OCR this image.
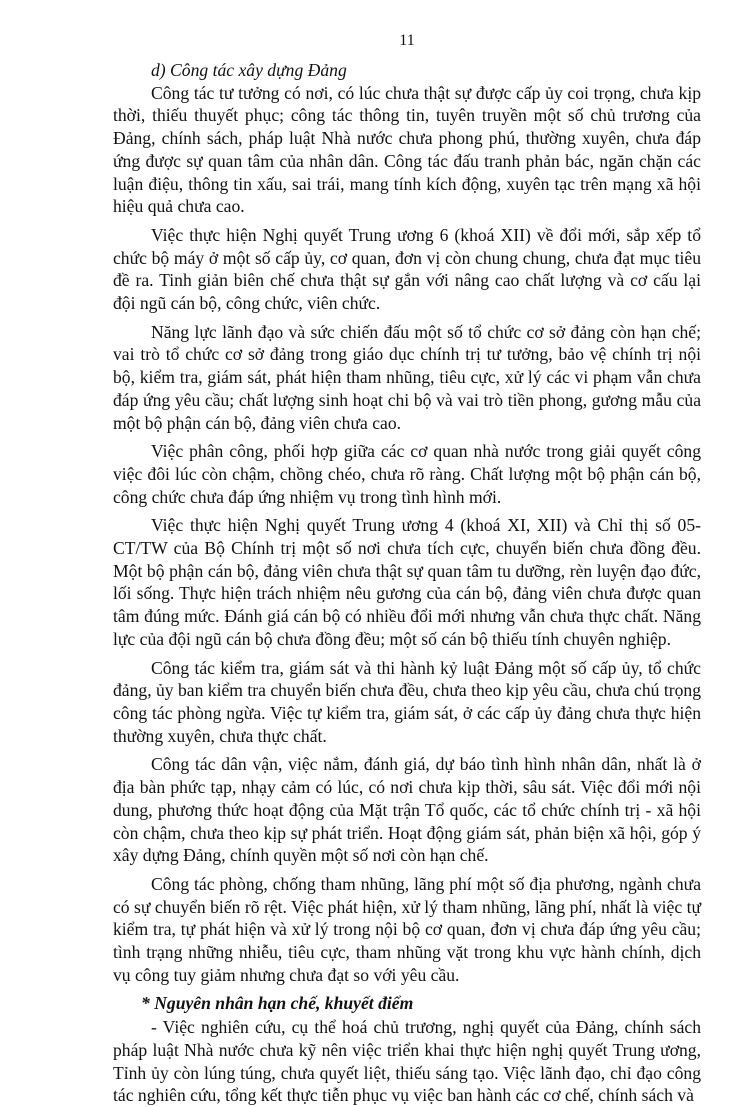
11
d) Công tác xây dựng Đảng

Công tác tư tưởng có nơi, có lúc chưa thật sự được cấp ủy coi trọng, chưa kịp thời, thiếu thuyết phục; công tác thông tin, tuyên truyền một số chủ trương của Đảng, chính sách, pháp luật Nhà nước chưa phong phú, thường xuyên, chưa đáp ứng được sự quan tâm của nhân dân. Công tác đấu tranh phản bác, ngăn chặn các luận điệu, thông tin xấu, sai trái, mang tính kích động, xuyên tạc trên mạng xã hội hiệu quả chưa cao.

Việc thực hiện Nghị quyết Trung ương 6 (khoá XII) về đổi mới, sắp xếp tổ chức bộ máy ở một số cấp ủy, cơ quan, đơn vị còn chung chung, chưa đạt mục tiêu đề ra. Tinh giản biên chế chưa thật sự gắn với nâng cao chất lượng và cơ cấu lại đội ngũ cán bộ, công chức, viên chức.

Năng lực lãnh đạo và sức chiến đấu một số tổ chức cơ sở đảng còn hạn chế; vai trò tổ chức cơ sở đảng trong giáo dục chính trị tư tưởng, bảo vệ chính trị nội bộ, kiểm tra, giám sát, phát hiện tham nhũng, tiêu cực, xử lý các vi phạm vẫn chưa đáp ứng yêu cầu; chất lượng sinh hoạt chi bộ và vai trò tiền phong, gương mẫu của một bộ phận cán bộ, đảng viên chưa cao.

Việc phân công, phối hợp giữa các cơ quan nhà nước trong giải quyết công việc đôi lúc còn chậm, chồng chéo, chưa rõ ràng. Chất lượng một bộ phận cán bộ, công chức chưa đáp ứng nhiệm vụ trong tình hình mới.

Việc thực hiện Nghị quyết Trung ương 4 (khoá XI, XII) và Chỉ thị số 05-CT/TW của Bộ Chính trị một số nơi chưa tích cực, chuyển biến chưa đồng đều. Một bộ phận cán bộ, đảng viên chưa thật sự quan tâm tu dưỡng, rèn luyện đạo đức, lối sống. Thực hiện trách nhiệm nêu gương của cán bộ, đảng viên chưa được quan tâm đúng mức. Đánh giá cán bộ có nhiều đổi mới nhưng vẫn chưa thực chất. Năng lực của đội ngũ cán bộ chưa đồng đều; một số cán bộ thiếu tính chuyên nghiệp.

Công tác kiểm tra, giám sát và thi hành kỷ luật Đảng một số cấp ủy, tổ chức đảng, ủy ban kiểm tra chuyển biến chưa đều, chưa theo kịp yêu cầu, chưa chú trọng công tác phòng ngừa. Việc tự kiểm tra, giám sát, ở các cấp ủy đảng chưa thực hiện thường xuyên, chưa thực chất.

Công tác dân vận, việc nắm, đánh giá, dự báo tình hình nhân dân, nhất là ở địa bàn phức tạp, nhạy cảm có lúc, có nơi chưa kịp thời, sâu sát. Việc đổi mới nội dung, phương thức hoạt động của Mặt trận Tổ quốc, các tổ chức chính trị - xã hội còn chậm, chưa theo kịp sự phát triển. Hoạt động giám sát, phản biện xã hội, góp ý xây dựng Đảng, chính quyền một số nơi còn hạn chế.

Công tác phòng, chống tham nhũng, lãng phí một số địa phương, ngành chưa có sự chuyển biến rõ rệt. Việc phát hiện, xử lý tham nhũng, lãng phí, nhất là việc tự kiểm tra, tự phát hiện và xử lý trong nội bộ cơ quan, đơn vị chưa đáp ứng yêu cầu; tình trạng những nhiễu, tiêu cực, tham nhũng vặt trong khu vực hành chính, dịch vụ công tuy giảm nhưng chưa đạt so với yêu cầu.

* Nguyên nhân hạn chế, khuyết điểm

- Việc nghiên cứu, cụ thể hoá chủ trương, nghị quyết của Đảng, chính sách pháp luật Nhà nước chưa kỹ nên việc triển khai thực hiện nghị quyết Trung ương, Tỉnh ủy còn lúng túng, chưa quyết liệt, thiếu sáng tạo. Việc lãnh đạo, chỉ đạo công tác nghiên cứu, tổng kết thực tiễn phục vụ việc ban hành các cơ chế, chính sách và
